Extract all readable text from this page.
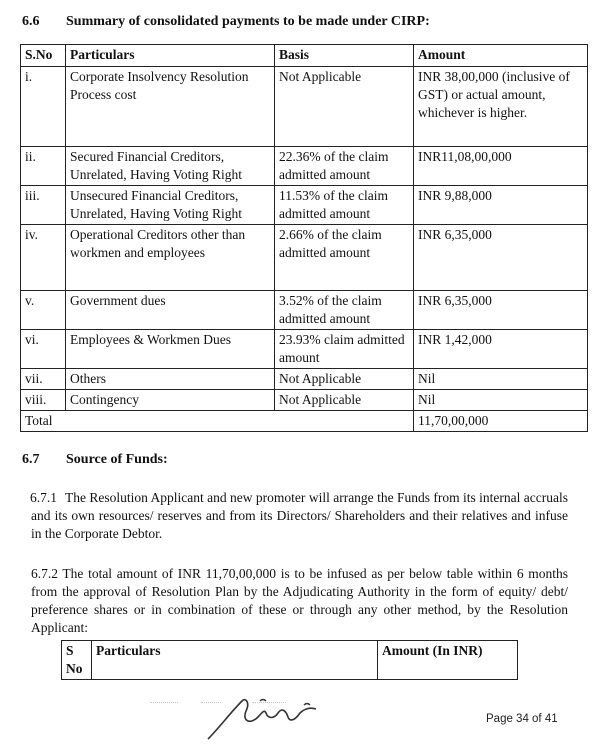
6.6 Summary of consolidated payments to be made under CIRP:
S.No	Particulars	Basis	Amount
i.	Corporate Insolvency Resolution Process cost	Not Applicable	INR 38,00,000 (inclusive of GST) or actual amount, whichever is higher.
ii.	Secured Financial Creditors, Unrelated, Having Voting Right	22.36% of the claim admitted amount	INR11,08,00,000
iii.	Unsecured Financial Creditors, Unrelated, Having Voting Right	11.53% of the claim admitted amount	INR 9,88,000
iv.	Operational Creditors other than workmen and employees	2.66% of the claim admitted amount	INR 6,35,000
v.	Government dues	3.52% of the claim admitted amount	INR 6,35,000
vi.	Employees & Workmen Dues	23.93% claim admitted amount	INR 1,42,000
vii.	Others	Not Applicable	Nil
viii.	Contingency	Not Applicable	Nil
Total			11,70,00,000
6.7 Source of Funds:
6.7.1 The Resolution Applicant and new promoter will arrange the Funds from its internal accruals and its own resources/ reserves and from its Directors/ Shareholders and their relatives and infuse in the Corporate Debtor.

6.7.2 The total amount of INR 11,70,00,000 is to be infused as per below table within 6 months from the approval of Resolution Plan by the Adjudicating Authority in the form of equity/ debt/ preference shares or in combination of these or through any other method, by the Resolution Applicant:

S No	Particulars	Amount (In INR)

Page 34 of 41
